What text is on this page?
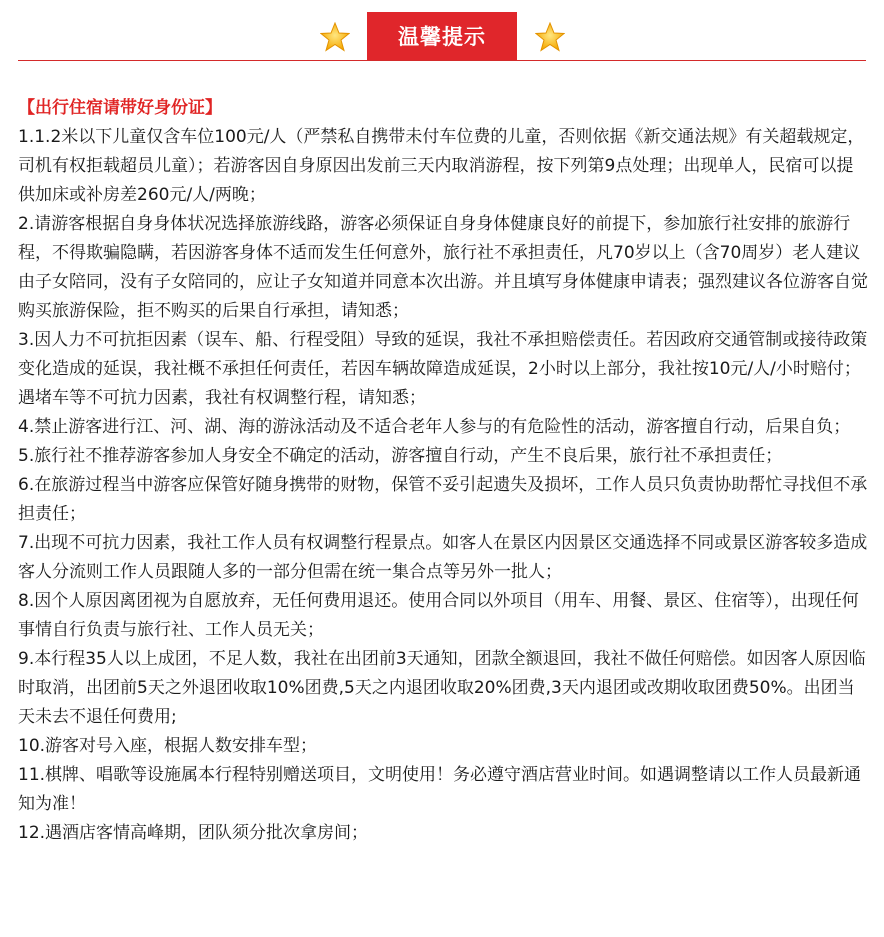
温馨提示
【出行住宿请带好身份证】

1.1.2米以下儿童仅含车位100元/人（严禁私自携带未付车位费的儿童，否则依据《新交通法规》有关超载规定，司机有权拒载超员儿童）；若游客因自身原因出发前三天内取消游程，按下列第9点处理；出现单人，民宿可以提供加床或补房差260元/人/两晚；

2.请游客根据自身身体状况选择旅游线路，游客必须保证自身身体健康良好的前提下，参加旅行社安排的旅游行程，不得欺骗隐瞒，若因游客身体不适而发生任何意外，旅行社不承担责任，凡70岁以上（含70周岁）老人建议由子女陪同，没有子女陪同的，应让子女知道并同意本次出游。并且填写身体健康申请表；强烈建议各位游客自觉购买旅游保险，拒不购买的后果自行承担，请知悉；

3.因人力不可抗拒因素（误车、船、行程受阻）导致的延误，我社不承担赔偿责任。若因政府交通管制或接待政策变化造成的延误，我社概不承担任何责任，若因车辆故障造成延误，2小时以上部分，我社按10元/人/小时赔付；遇堵车等不可抗力因素，我社有权调整行程，请知悉；

4.禁止游客进行江、河、湖、海的游泳活动及不适合老年人参与的有危险性的活动，游客擅自行动，后果自负；

5.旅行社不推荐游客参加人身安全不确定的活动，游客擅自行动，产生不良后果，旅行社不承担责任；

6.在旅游过程当中游客应保管好随身携带的财物，保管不妥引起遗失及损坏，工作人员只负责协助帮忙寻找但不承担责任；

7.出现不可抗力因素，我社工作人员有权调整行程景点。如客人在景区内因景区交通选择不同或景区游客较多造成客人分流则工作人员跟随人多的一部分但需在统一集合点等另外一批人；

8.因个人原因离团视为自愿放弃，无任何费用退还。使用合同以外项目（用车、用餐、景区、住宿等），出现任何事情自行负责与旅行社、工作人员无关；

9.本行程35人以上成团，不足人数，我社在出团前3天通知，团款全额退回，我社不做任何赔偿。如因客人原因临时取消，出团前5天之外退团收取10%团费,5天之内退团收取20%团费,3天内退团或改期收取团费50%。出团当天未去不退任何费用;

10.游客对号入座，根据人数安排车型；

11.棋牌、唱歌等设施属本行程特别赠送项目，文明使用！务必遵守酒店营业时间。如遇调整请以工作人员最新通知为准！

12.遇酒店客情高峰期，团队须分批次拿房间；
